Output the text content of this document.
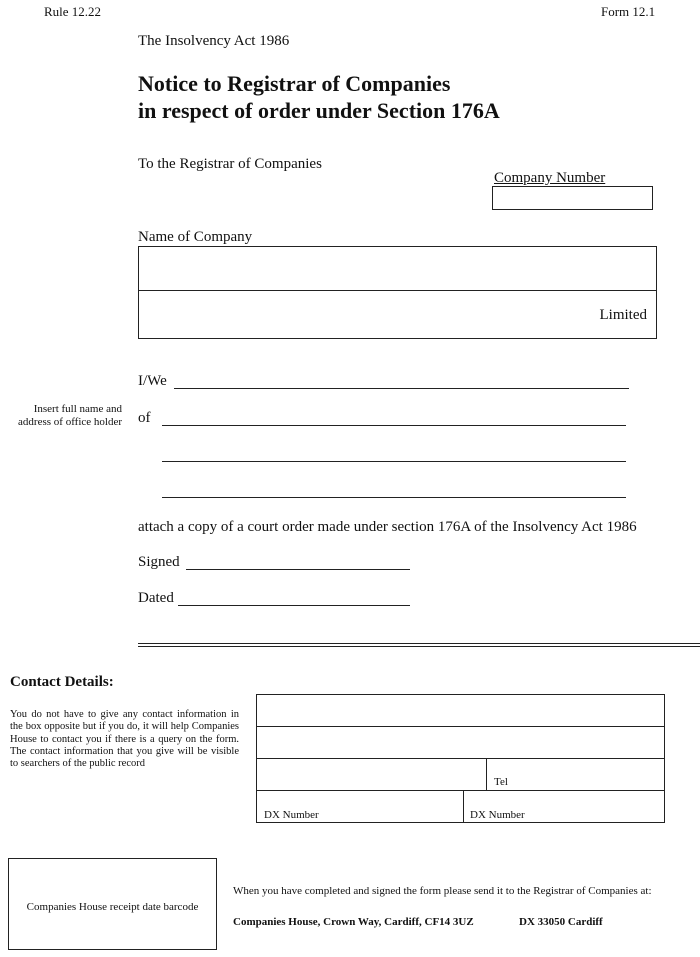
Rule 12.22	Form 12.1
The Insolvency Act 1986
Notice to Registrar of Companies
in respect of order under Section 176A
To the Registrar of Companies
Company Number
Name of Company
Limited
I/We
Insert full name and address of office holder of
attach a copy of a court order made under section 176A of the Insolvency Act 1986
Signed
Dated
Contact Details:
You do not have to give any contact information in the box opposite but if you do, it will help Companies House to contact you if there is a query on the form. The contact information that you give will be visible to searchers of the public record
Tel
DX Number	DX Number
Companies House receipt date barcode
When you have completed and signed the form please send it to the Registrar of Companies at:
Companies House, Crown Way, Cardiff, CF14 3UZ	DX 33050 Cardiff
